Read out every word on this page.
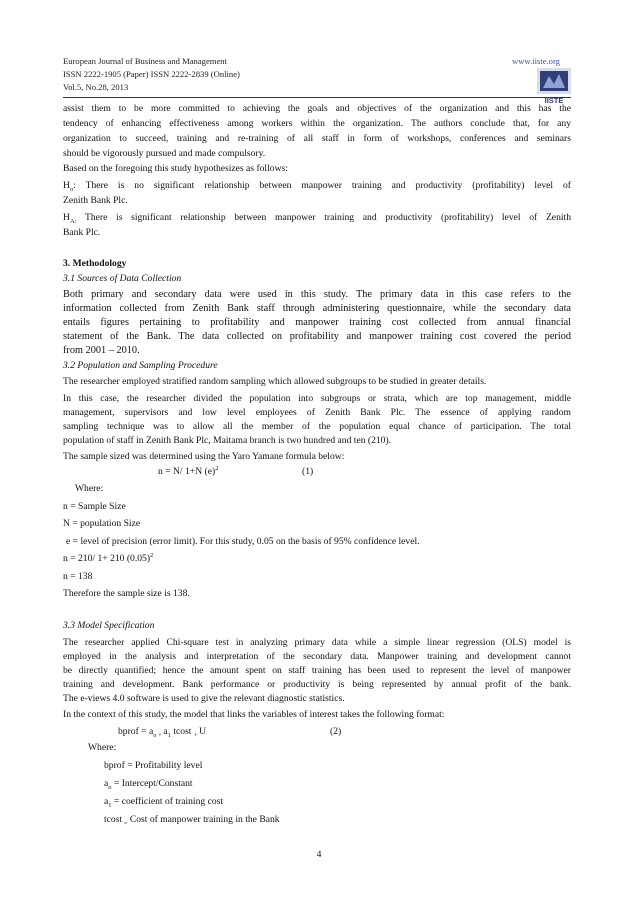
European Journal of Business and Management	www.iiste.org
ISSN 2222-1905 (Paper) ISSN 2222-2839 (Online)
Vol.5, No.28, 2013
IISTE
assist them to be more committed to achieving the goals and objectives of the organization and this has the
tendency of enhancing effectiveness among workers within the organization. The authors conclude that, for any
organization to succeed, training and re-training of all staff in form of workshops, conferences and seminars
should be vigorously pursued and made compulsory.
Based on the foregoing this study hypothesizes as follows:
$H_o$: There is no significant relationship between manpower training and productivity (profitability) level of
Zenith Bank Plc.
$H_{A:}$ There is significant relationship between manpower training and productivity (profitability) level of Zenith
Bank Plc.
3. Methodology
3.1 Sources of Data Collection
Both primary and secondary data were used in this study. The primary data in this case refers to the
information collected from Zenith Bank staff through administering questionnaire, while the secondary data
entails figures pertaining to profitability and manpower training cost collected from annual financial
statement of the Bank. The data collected on profitability and manpower training cost covered the period
from 2001 – 2010.
3.2 Population and Sampling Procedure
The researcher employed stratified random sampling which allowed subgroups to be studied in greater details.
In this case, the researcher divided the population into subgroups or strata, which are top management, middle
management, supervisors and low level employees of Zenith Bank Plc. The essence of applying random
sampling technique was to allow all the member of the population equal chance of participation. The total
population of staff in Zenith Bank Plc, Maitama branch is two hundred and ten (210).
The sample sized was determined using the Yaro Yamane formula below:
n = N/ 1+N $(e)^2$	(1)
Where:
n = Sample Size
N = population Size
e = level of precision (error limit). For this study, 0.05 on the basis of 95% confidence level.
n = 210/ 1+ 210 $(0.05)^2$
n = 138
Therefore the sample size is 138.
3.3 Model Specification
The researcher applied Chi-square test in analyzing primary data while a simple linear regression (OLS) model is
employed in the analysis and interpretation of the secondary data. Manpower training and development cannot
be directly quantified; hence the amount spent on staff training has been used to represent the level of manpower
training and development. Bank performance or productivity is being represented by annual profit of the bank.
The e-views 4.0 software is used to give the relevant diagnostic statistics.
In the context of this study, the model that links the variables of interest takes the following format:
bprof = $a_o$ $_+$ $a_1$ tcost $_+$ U	(2)
Where:
bprof = Profitability level
$a_o$ = Intercept/Constant
$a_1$ = coefficient of training cost
tcost $_=$ Cost of manpower training in the Bank
4
